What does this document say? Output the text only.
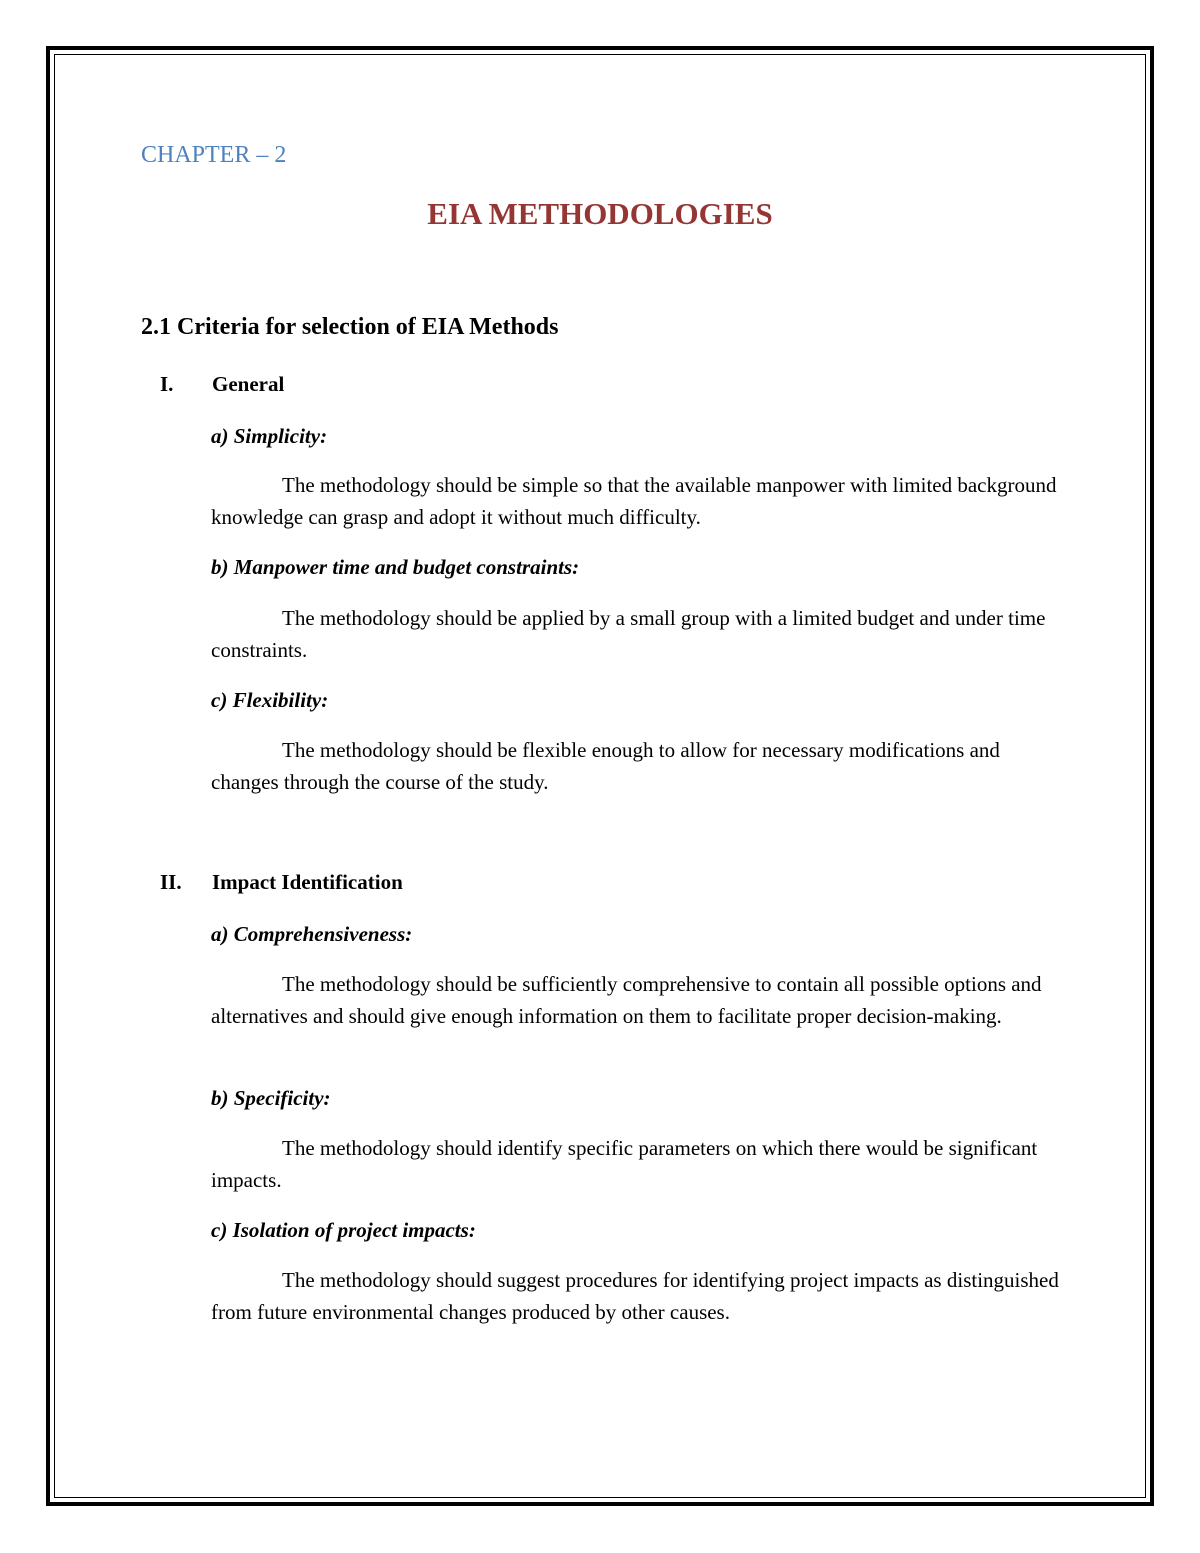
CHAPTER – 2
EIA METHODOLOGIES
2.1 Criteria for selection of EIA Methods
I. General
a) Simplicity:
The methodology should be simple so that the available manpower with limited background knowledge can grasp and adopt it without much difficulty.
b) Manpower time and budget constraints:
The methodology should be applied by a small group with a limited budget and under time constraints.
c) Flexibility:
The methodology should be flexible enough to allow for necessary modifications and changes through the course of the study.
II. Impact Identification
a) Comprehensiveness:
The methodology should be sufficiently comprehensive to contain all possible options and alternatives and should give enough information on them to facilitate proper decision-making.
b) Specificity:
The methodology should identify specific parameters on which there would be significant impacts.
c) Isolation of project impacts:
The methodology should suggest procedures for identifying project impacts as distinguished from future environmental changes produced by other causes.
